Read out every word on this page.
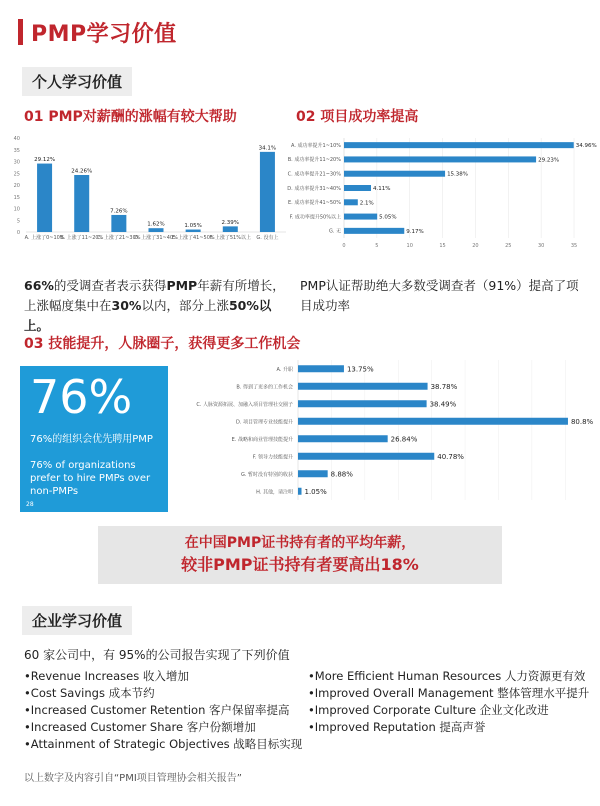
PMP学习价值
个人学习价值
01 PMP对薪酬的涨幅有较大帮助	02 项目成功率提高
0
5
10
15
20
25
30
35
40
29.12%
A. 上涨了0~10%
24.26%
B. 上涨了11~20%
7.26%
C. 上涨了21~30%
1.62%
D. 上涨了31~40%
1.05%
E. 上涨了41~50%
2.39%
F. 上涨了51%以上
34.1%
G. 没有上
0	5	10	15	20	25	30	35
34.96%
A. 成功率提升1~10%
29.23%
B. 成功率提升11~20%
15.38%
C. 成功率提升21~30%
4.11%
D. 成功率提升31~40%
2.1%
E. 成功率提升41~50%
5.05%
F. 成功率提升50%以上
9.17%
G. 无
66%的受调查者表示获得PMP年薪有所增长，上涨幅度集中在30%以内，部分上涨50%以上。
PMP认证帮助绝大多数受调查者（91%）提高了项目成功率
03 技能提升，人脉圈子，获得更多工作机会
76%
76%的组织会优先聘用PMP
76% of organizations prefer to hire PMPs over non-PMPs
28
13.75%
A. 升职
38.78%
B. 得到了更多的工作机会
38.49%
C. 人脉资源拓展、加融入项目管理社交圈子
80.8%
D. 项目管理专业技能提升
26.84%
E. 战略和商业管理技能提升
40.78%
F. 领导力技能提升
8.88%
G. 暂时没有特别的收获
1.05%
H. 其他，请注明
在中国PMP证书持有者的平均年薪，
较非PMP证书持有者要高出18%
企业学习价值
60 家公司中，有 95%的公司报告实现了下列价值
•Revenue Increases 收入增加
•Cost Savings 成本节约
•Increased Customer Retention 客户保留率提高
•Increased Customer Share 客户份额增加
•Attainment of Strategic Objectives 战略目标实现
•More Efficient Human Resources 人力资源更有效
•Improved Overall Management 整体管理水平提升
•Improved Corporate Culture 企业文化改进
•Improved Reputation 提高声誉
以上数字及内容引自“PMI项目管理协会相关报告”
